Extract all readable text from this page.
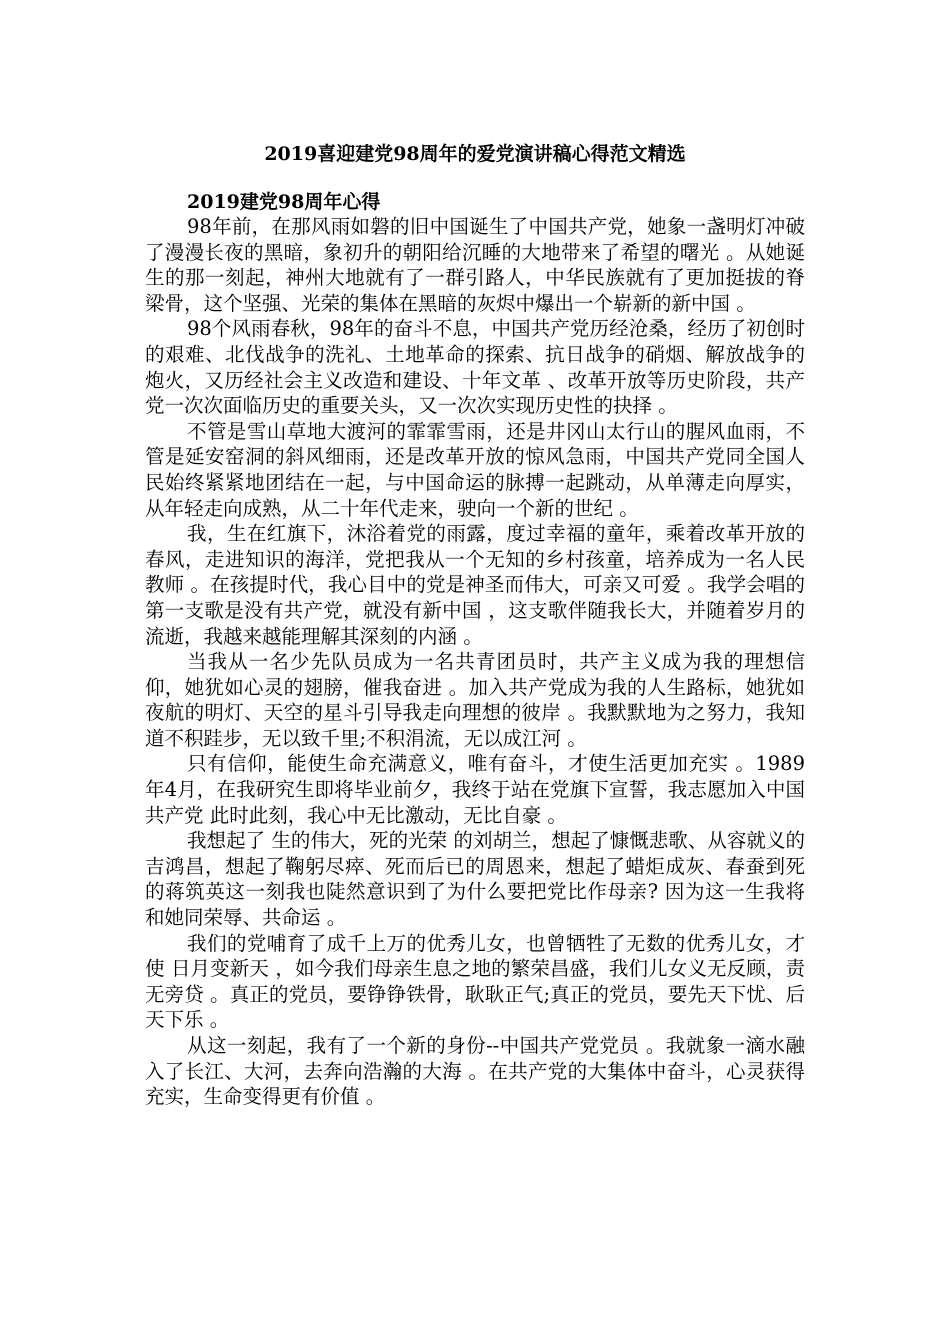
2019喜迎建党98周年的爱党演讲稿心得范文精选
2019建党98周年心得

98年前，在那风雨如磐的旧中国诞生了中国共产党，她象一盏明灯冲破了漫漫长夜的黑暗，象初升的朝阳给沉睡的大地带来了希望的曙光 。从她诞生的那一刻起，神州大地就有了一群引路人，中华民族就有了更加挺拔的脊梁骨，这个坚强、光荣的集体在黑暗的灰烬中爆出一个崭新的新中国 。

98个风雨春秋，98年的奋斗不息，中国共产党历经沧桑，经历了初创时的艰难、北伐战争的洗礼、土地革命的探索、抗日战争的硝烟、解放战争的炮火，又历经社会主义改造和建设、十年文革 、改革开放等历史阶段，共产党一次次面临历史的重要关头，又一次次实现历史性的抉择 。

不管是雪山草地大渡河的霏霏雪雨，还是井冈山太行山的腥风血雨，不管是延安窑洞的斜风细雨，还是改革开放的惊风急雨，中国共产党同全国人民始终紧紧地团结在一起，与中国命运的脉搏一起跳动，从单薄走向厚实，从年轻走向成熟，从二十年代走来，驶向一个新的世纪 。

我，生在红旗下，沐浴着党的雨露，度过幸福的童年，乘着改革开放的春风，走进知识的海洋，党把我从一个无知的乡村孩童，培养成为一名人民教师 。在孩提时代，我心目中的党是神圣而伟大，可亲又可爱 。我学会唱的第一支歌是没有共产党，就没有新中国 ，这支歌伴随我长大，并随着岁月的流逝，我越来越能理解其深刻的内涵 。

当我从一名少先队员成为一名共青团员时，共产主义成为我的理想信仰，她犹如心灵的翅膀，催我奋进 。加入共产党成为我的人生路标，她犹如夜航的明灯、天空的星斗引导我走向理想的彼岸 。我默默地为之努力，我知道不积跬步，无以致千里;不积涓流，无以成江河 。

只有信仰，能使生命充满意义，唯有奋斗，才使生活更加充实 。1989年4月，在我研究生即将毕业前夕，我终于站在党旗下宣誓，我志愿加入中国共产党 此时此刻，我心中无比激动，无比自豪 。

我想起了 生的伟大，死的光荣 的刘胡兰，想起了慷慨悲歌、从容就义的吉鸿昌，想起了鞠躬尽瘁、死而后已的周恩来，想起了蜡炬成灰、春蚕到死的蒋筑英这一刻我也陡然意识到了为什么要把党比作母亲? 因为这一生我将和她同荣辱、共命运 。

我们的党哺育了成千上万的优秀儿女，也曾牺牲了无数的优秀儿女，才使 日月变新天 ，如今我们母亲生息之地的繁荣昌盛，我们儿女义无反顾，责无旁贷 。真正的党员，要铮铮铁骨，耿耿正气;真正的党员，要先天下忧、后天下乐 。

从这一刻起，我有了一个新的身份--中国共产党党员 。我就象一滴水融入了长江、大河，去奔向浩瀚的大海 。在共产党的大集体中奋斗，心灵获得充实，生命变得更有价值 。
